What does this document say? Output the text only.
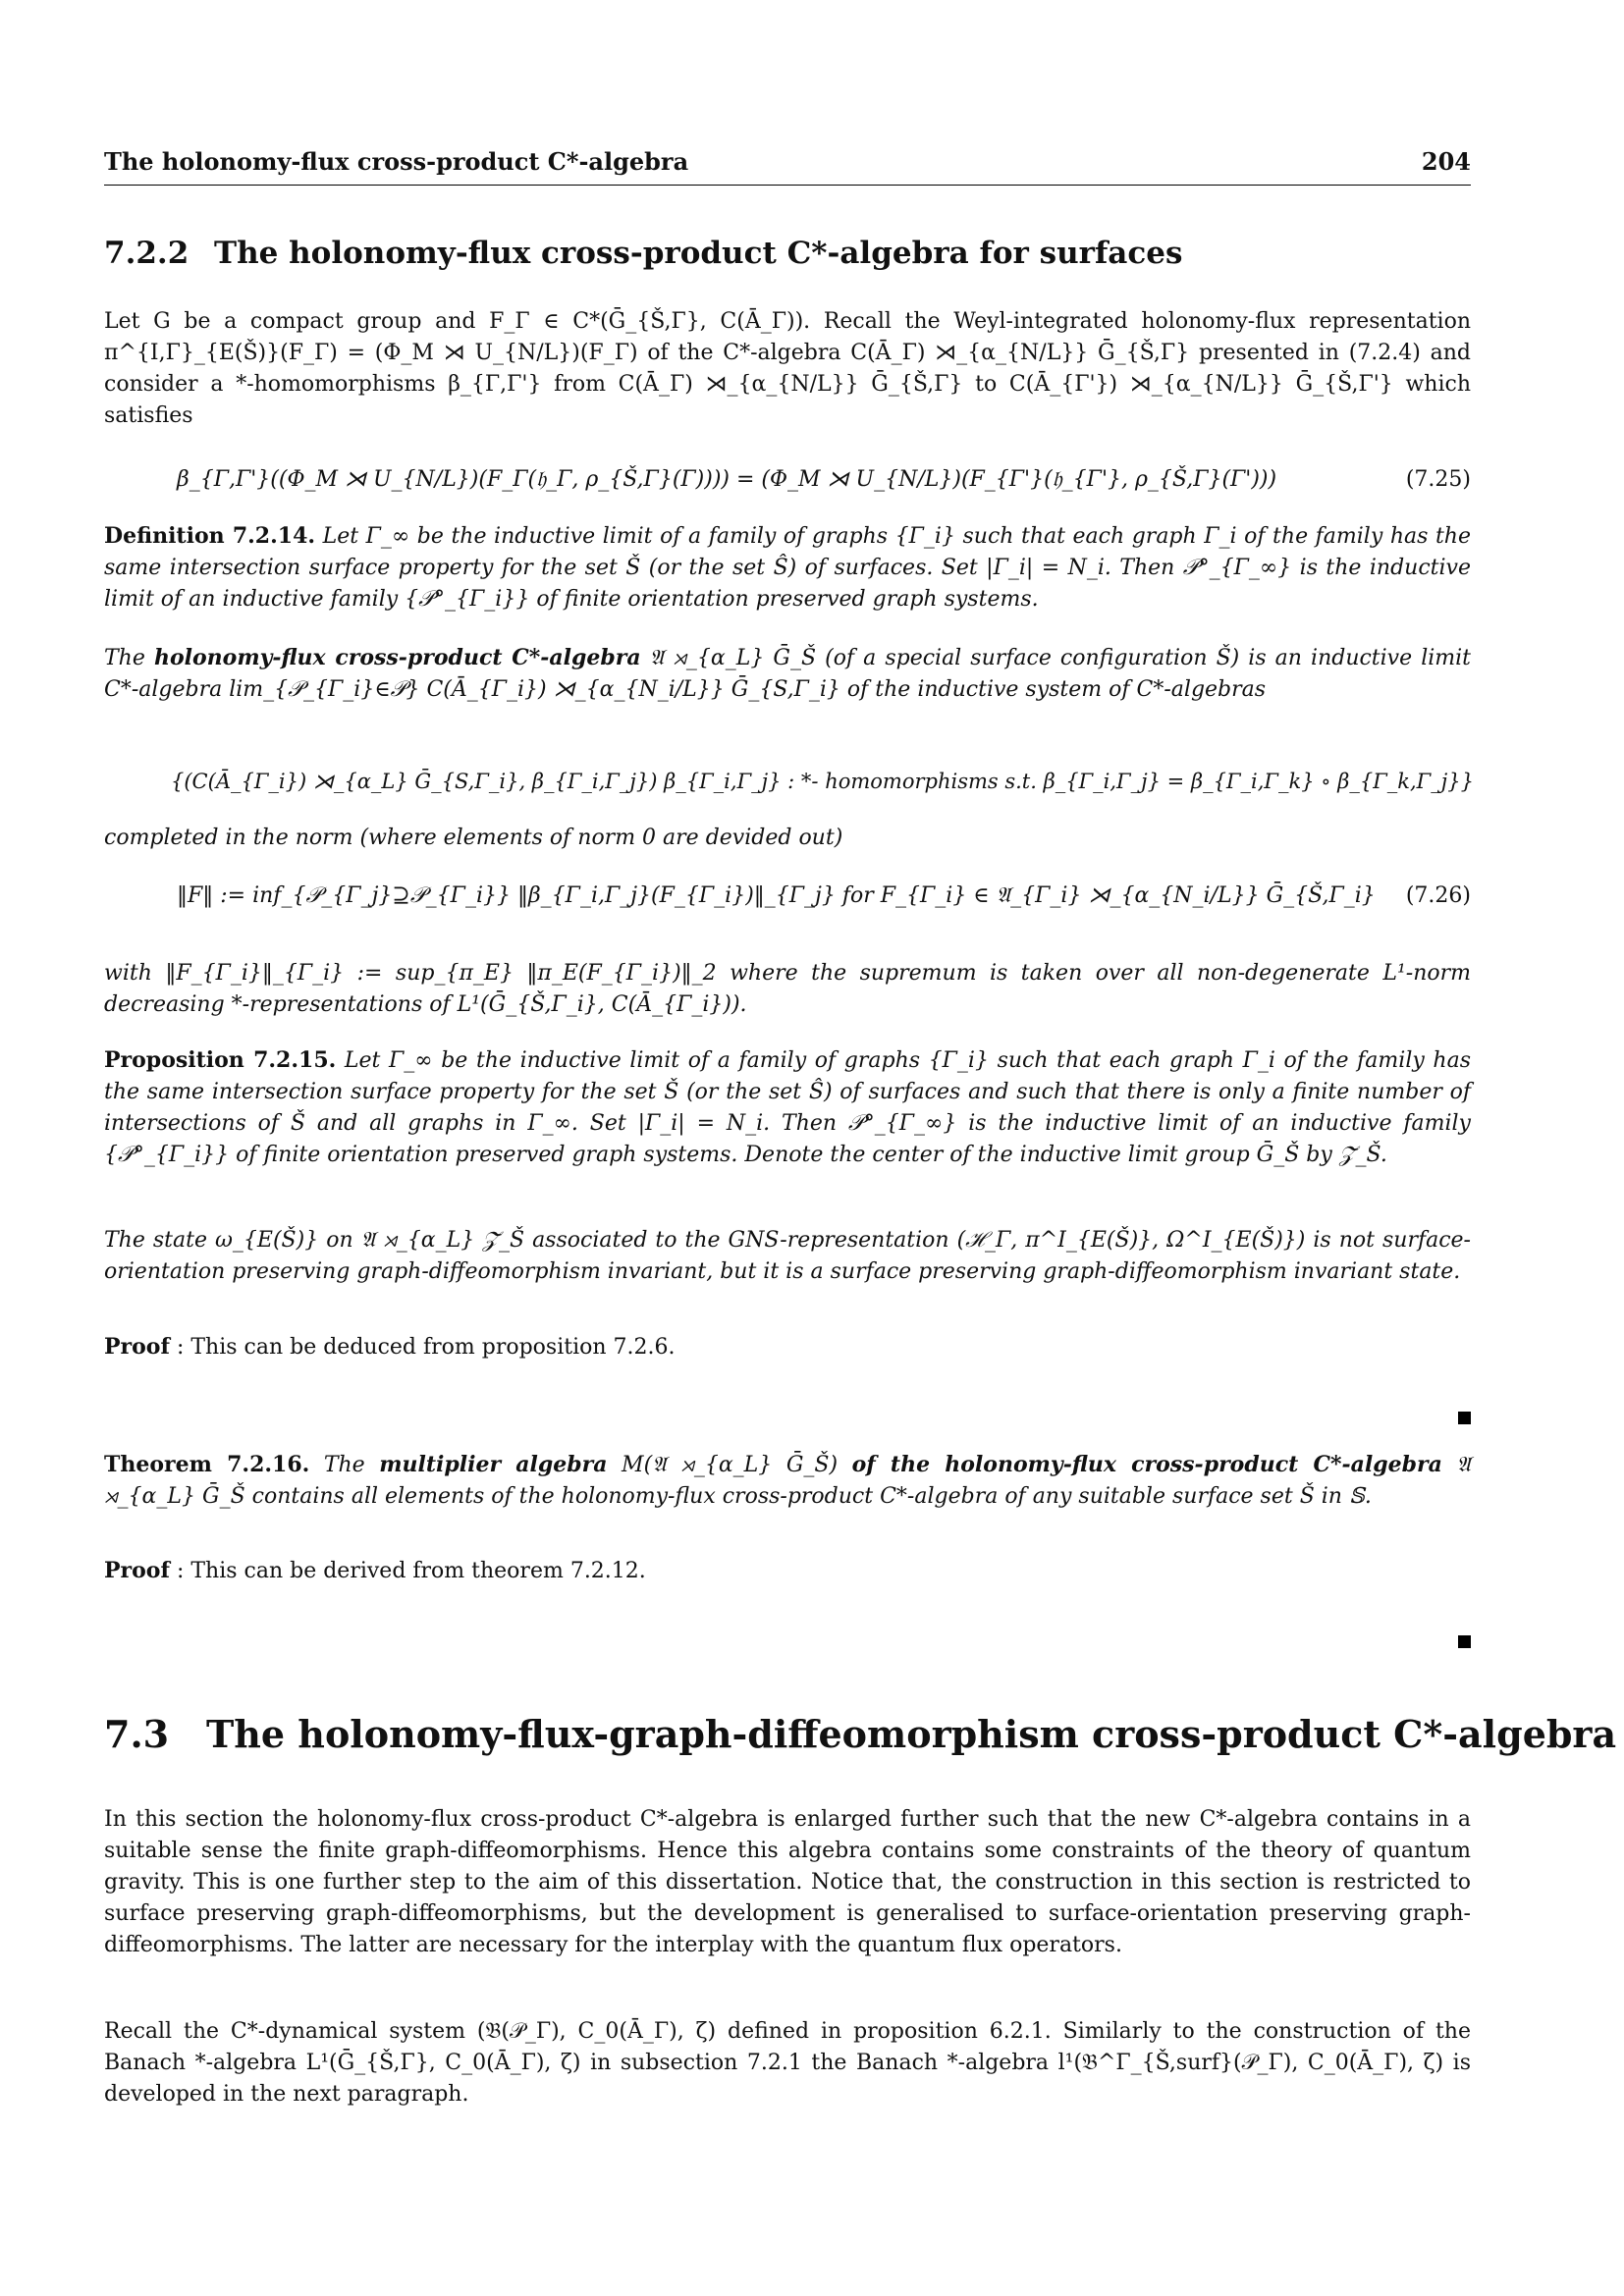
The holonomy-flux cross-product C*-algebra	204
7.2.2 The holonomy-flux cross-product C*-algebra for surfaces
Let G be a compact group and F_Γ ∈ C*(Ḡ_{Š,Γ}, C(Ā_Γ)). Recall the Weyl-integrated holonomy-flux representation π^{I,Γ}_{E(Š)}(F_Γ) = (Φ_M ⋊ U_{N/L})(F_Γ) of the C*-algebra C(Ā_Γ) ⋊_{α_{N/L}} Ḡ_{Š,Γ} presented in (7.2.4) and consider a *-homomorphisms β_{Γ,Γ'} from C(Ā_Γ) ⋊_{α_{N/L}} Ḡ_{Š,Γ} to C(Ā_{Γ'}) ⋊_{α_{N/L}} Ḡ_{Š,Γ'} which satisfies
β_{Γ,Γ'}((Φ_M ⋊ U_{N/L})(F_Γ(𝔥_Γ, ρ_{Š,Γ}(Γ)))) = (Φ_M ⋊ U_{N/L})(F_{Γ'}(𝔥_{Γ'}, ρ_{Š,Γ}(Γ')))	(7.25)
Definition 7.2.14. Let Γ_∞ be the inductive limit of a family of graphs {Γ_i} such that each graph Γ_i of the family has the same intersection surface property for the set Š (or the set Ŝ) of surfaces. Set |Γ_i| = N_i. Then 𝒫°_{Γ_∞} is the inductive limit of an inductive family {𝒫°_{Γ_i}} of finite orientation preserved graph systems.
The holonomy-flux cross-product C*-algebra 𝔄 ⋊_{α_L} Ḡ_Š (of a special surface configuration Š) is an inductive limit C*-algebra lim_{𝒫_{Γ_i}∈𝒫} C(Ā_{Γ_i}) ⋊_{α_{N_i/L}} Ḡ_{S,Γ_i} of the inductive system of C*-algebras
{(C(Ā_{Γ_i}) ⋊_{α_L} Ḡ_{S,Γ_i}, β_{Γ_i,Γ_j}) β_{Γ_i,Γ_j} : *- homomorphisms s.t. β_{Γ_i,Γ_j} = β_{Γ_i,Γ_k} ∘ β_{Γ_k,Γ_j}}
completed in the norm (where elements of norm 0 are devided out)
‖F‖ := inf_{𝒫_{Γ_j}⊇𝒫_{Γ_i}} ‖β_{Γ_i,Γ_j}(F_{Γ_i})‖_{Γ_j} for F_{Γ_i} ∈ 𝔄_{Γ_i} ⋊_{α_{N_i/L}} Ḡ_{Š,Γ_i} (7.26)
with ‖F_{Γ_i}‖_{Γ_i} := sup_{π_E} ‖π_E(F_{Γ_i})‖_2 where the supremum is taken over all non-degenerate L¹-norm decreasing *-representations of L¹(Ḡ_{Š,Γ_i}, C(Ā_{Γ_i})).
Proposition 7.2.15. Let Γ_∞ be the inductive limit of a family of graphs {Γ_i} such that each graph Γ_i of the family has the same intersection surface property for the set Š (or the set Ŝ) of surfaces and such that there is only a finite number of intersections of Š and all graphs in Γ_∞. Set |Γ_i| = N_i. Then 𝒫°_{Γ_∞} is the inductive limit of an inductive family {𝒫°_{Γ_i}} of finite orientation preserved graph systems. Denote the center of the inductive limit group Ḡ_Š by 𝒵̄_Š.
The state ω_{E(Š)} on 𝔄 ⋊_{α_L} 𝒵̄_Š associated to the GNS-representation (ℋ_Γ, π^I_{E(Š)}, Ω^I_{E(Š)}) is not surface-orientation preserving graph-diffeomorphism invariant, but it is a surface preserving graph-diffeomorphism invariant state.
Proof : This can be deduced from proposition 7.2.6.
Theorem 7.2.16. The multiplier algebra M(𝔄 ⋊_{α_L} Ḡ_Š) of the holonomy-flux cross-product C*-algebra 𝔄 ⋊_{α_L} Ḡ_Š contains all elements of the holonomy-flux cross-product C*-algebra of any suitable surface set Š in 𝕊.
Proof : This can be derived from theorem 7.2.12.
7.3 The holonomy-flux-graph-diffeomorphism cross-product C*-algebra
In this section the holonomy-flux cross-product C*-algebra is enlarged further such that the new C*-algebra contains in a suitable sense the finite graph-diffeomorphisms. Hence this algebra contains some constraints of the theory of quantum gravity. This is one further step to the aim of this dissertation. Notice that, the construction in this section is restricted to surface preserving graph-diffeomorphisms, but the development is generalised to surface-orientation preserving graph-diffeomorphisms. The latter are necessary for the interplay with the quantum flux operators.
Recall the C*-dynamical system (𝔅(𝒫_Γ), C_0(Ā_Γ), ζ) defined in proposition 6.2.1. Similarly to the construction of the Banach *-algebra L¹(Ḡ_{Š,Γ}, C_0(Ā_Γ), ζ) in subsection 7.2.1 the Banach *-algebra l¹(𝔅^Γ_{Š,surf}(𝒫_Γ), C_0(Ā_Γ), ζ) is developed in the next paragraph.
